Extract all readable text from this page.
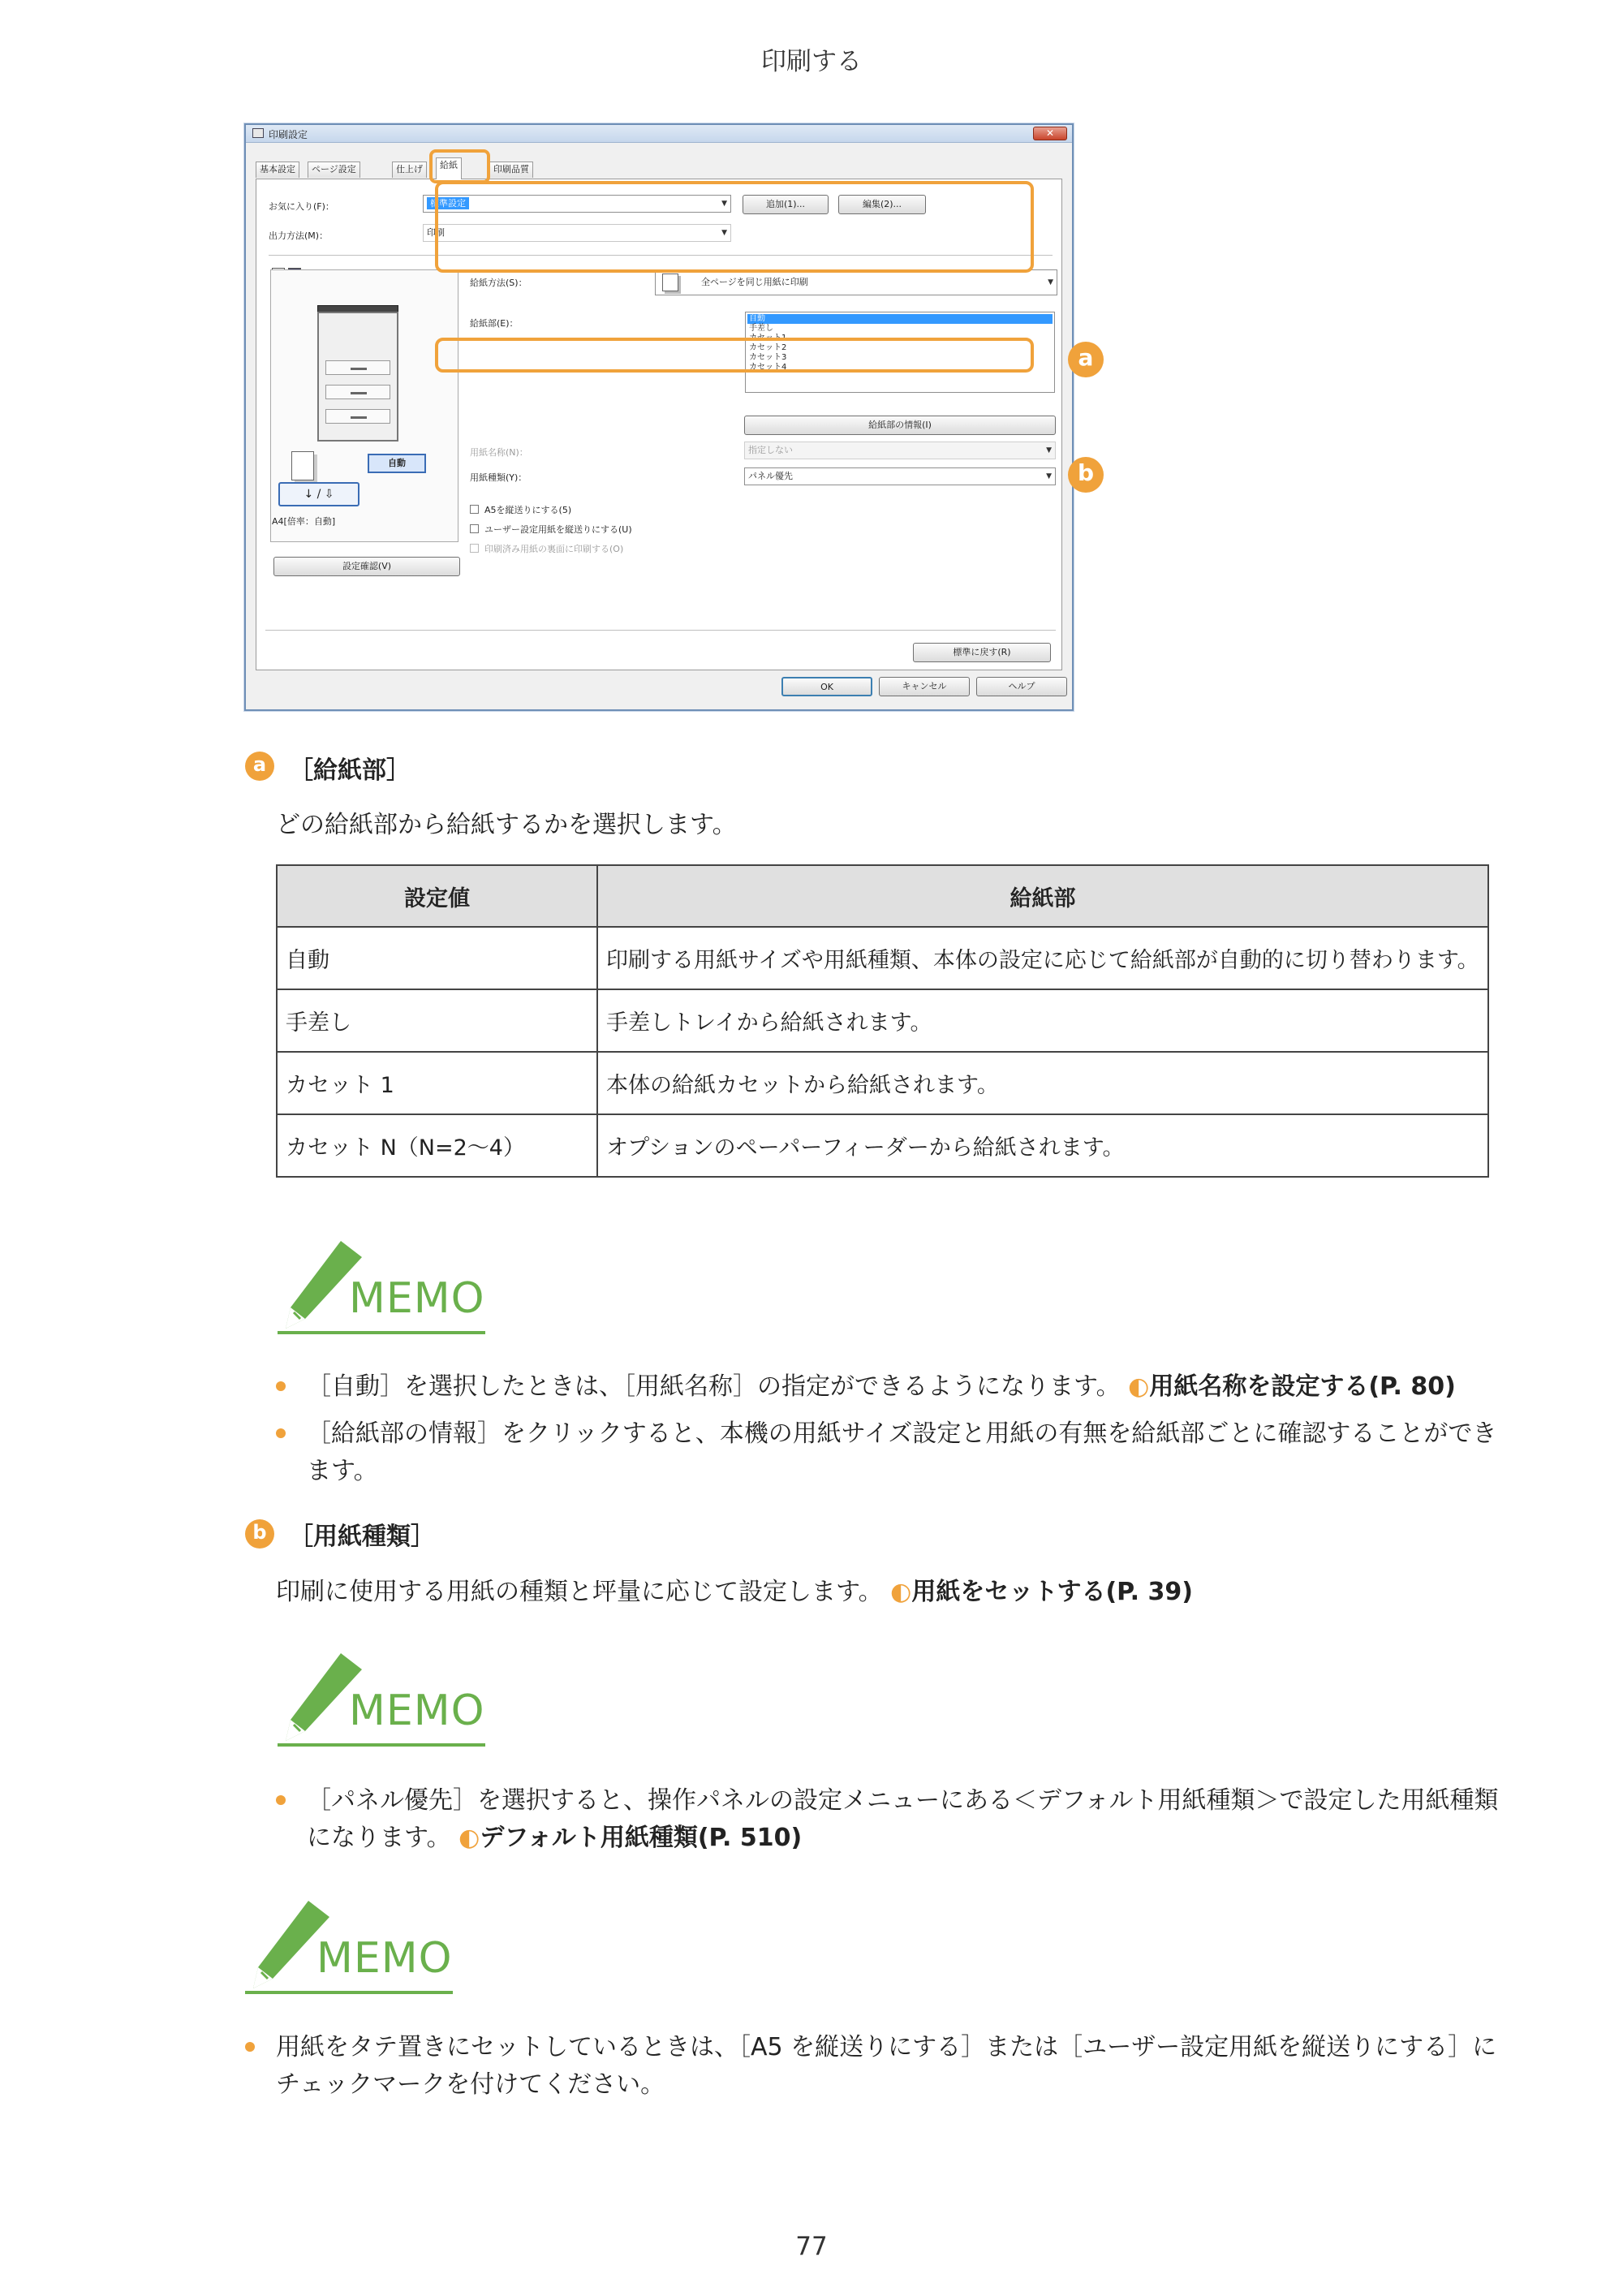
印刷する
印刷設定	✕
基本設定	ページ設定	仕上げ	給紙	印刷品質
お気に入り(F)：	標準設定	▼	追加(1)...	編集(2)...
出力方法(M)：	印刷	▼
自動
↓ / ⇩
A4[倍率：自動]
設定確認(V)
給紙方法(S)：	全ページを同じ用紙に印刷	▼
給紙部(E)：	自動
手差し
カセット1
カセット2
カセット3
カセット4
給紙部の情報(I)
用紙名称(N)：	指定しない	▼
用紙種類(Y)：	パネル優先	▼
A5を縦送りにする(5)
ユーザー設定用紙を縦送りにする(U)
印刷済み用紙の裏面に印刷する(O)
標準に戻す(R)
OK	キャンセル	ヘルプ
a
b
a ［給紙部］
どの給紙部から給紙するかを選択します。
設定値	給紙部
自動	印刷する用紙サイズや用紙種類、本体の設定に応じて給紙部が自動的に切り替わります。
手差し	手差しトレイから給紙されます。
カセット 1	本体の給紙カセットから給紙されます。
カセット N（N=2～4）	オプションのペーパーフィーダーから給紙されます。
MEMO
［自動］を選択したときは、［用紙名称］の指定ができるようになります。 ◐用紙名称を設定する(P. 80)
［給紙部の情報］をクリックすると、本機の用紙サイズ設定と用紙の有無を給紙部ごとに確認することができ
ます。
b ［用紙種類］
印刷に使用する用紙の種類と坪量に応じて設定します。 ◐用紙をセットする(P. 39)
MEMO
［パネル優先］を選択すると、操作パネルの設定メニューにある＜デフォルト用紙種類＞で設定した用紙種類
になります。 ◐デフォルト用紙種類(P. 510)
MEMO
用紙をタテ置きにセットしているときは、［A5 を縦送りにする］または［ユーザー設定用紙を縦送りにする］に
チェックマークを付けてください。
77
